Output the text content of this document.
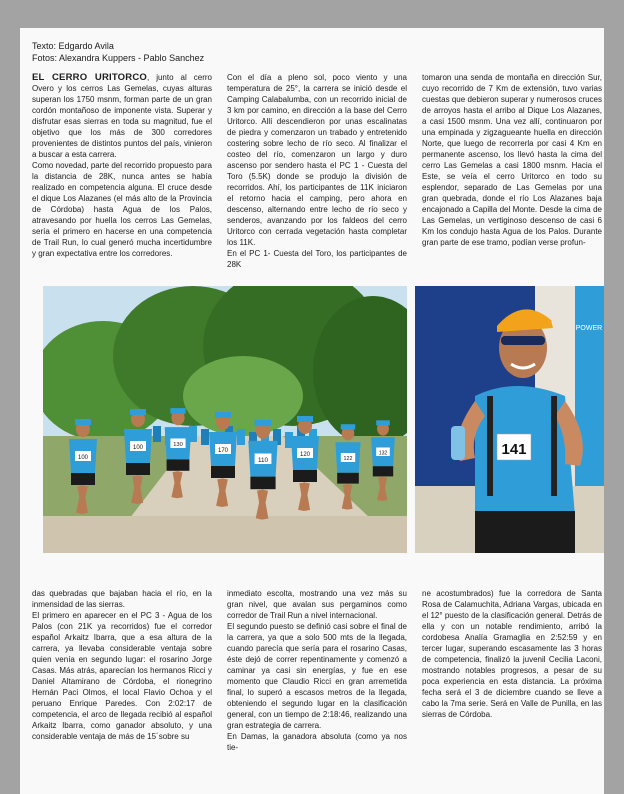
Texto: Edgardo Avila
Fotos: Alexandra Kuppers - Pablo Sanchez

EL CERRO URITORCO, junto al cerro Overo y los cerros Las Gemelas, cuyas alturas superan los 1750 msnm, forman parte de un gran cordón montañoso de imponente vista. Superar y disfrutar esas sierras en toda su magnitud, fue el objetivo que los más de 300 corredores provenientes de distintos puntos del país, vinieron a buscar a esta carrera.

Como novedad, parte del recorrido propuesto para la distancia de 28K, nunca antes se había realizado en competencia alguna. El cruce desde el dique Los Alazanes (el más alto de la Provincia de Córdoba) hasta Agua de los Palos, atravesando por huella los cerros Las Gemelas, sería el primero en hacerse en una competencia de Trail Run, lo cual generó mucha incertidumbre y gran expectativa entre los corredores.

Con el día a pleno sol, poco viento y una temperatura de 25°, la carrera se inició desde el Camping Calabalumba, con un recorrido inicial de 3 km por camino, en dirección a la base del Cerro Uritorco. Allí descendieron por unas escalinatas de piedra y comenzaron un trabado y entretenido costering sobre lecho de río seco. Al finalizar el costeo del río, comenzaron un largo y duro ascenso por sendero hasta el PC 1 - Cuesta del Toro (5.5K) donde se produjo la división de recorridos. Ahí, los participantes de 11K iniciaron el retorno hacia el camping, pero ahora en descenso, alternando entre lecho de río seco y senderos, avanzando por los faldeos del cerro Uritorco con cerrada vegetación hasta completar los 11K.

En el PC 1- Cuesta del Toro, los participantes de 28K

tomaron una senda de montaña en dirección Sur, cuyo recorrido de 7 Km de extensión, tuvo varias cuestas que debieron superar y numerosos cruces de arroyos hasta el arribo al Dique Los Alazanes, a casi 1500 msnm. Una vez allí, continuaron por una empinada y zigzagueante huella en dirección Norte, que luego de recorrerla por casi 4 Km en permanente ascenso, los llevó hasta la cima del cerro Las Gemelas a casi 1800 msnm. Hacia el Este, se veía el cerro Uritorco en todo su esplendor, separado de Las Gemelas por una gran quebrada, donde el río Los Alazanes baja encajonado a Capilla del Monte. Desde la cima de Las Gemelas, un vertiginoso descenso de casi 6 Km los condujo hasta Agua de los Palos. Durante gran parte de ese tramo, podían verse profun-

100
100	130
170
110
120
122
132
POWER
141

das quebradas que bajaban hacia el río, en la inmensidad de las sierras.

El primero en aparecer en el PC 3 - Agua de los Palos (con 21K ya recorridos) fue el corredor español Arkaitz Ibarra, que a esa altura de la carrera, ya llevaba considerable ventaja sobre quien venía en segundo lugar: el rosarino Jorge Casas. Más atrás, aparecían los hermanos Ricci y Daniel Altamirano de Córdoba, el rionegrino Hernán Paci Olmos, el local Flavio Ochoa y el peruano Enrique Paredes. Con 2:02:17 de competencia, el arco de llegada recibió al español Arkaitz Ibarra, como ganador absoluto, y una considerable ventaja de más de 15´sobre su

inmediato escolta, mostrando una vez más su gran nivel, que avalan sus pergaminos como corredor de Trail Run a nivel internacional.

El segundo puesto se definió casi sobre el final de la carrera, ya que a solo 500 mts de la llegada, cuando parecía que sería para el rosarino Casas, éste dejó de correr repentinamente y comenzó a caminar ya casi sin energías, y fue en ese momento que Claudio Ricci en gran arremetida final, lo superó a escasos metros de la llegada, obteniendo el segundo lugar en la clasificación general, con un tiempo de 2:18:46, realizando una gran estrategia de carrera.

En Damas, la ganadora absoluta (como ya nos tie-

ne acostumbrados) fue la corredora de Santa Rosa de Calamuchita, Adriana Vargas, ubicada en el 12° puesto de la clasificación general. Detrás de ella y con un notable rendimiento, arribó la cordobesa Analía Gramaglia en 2:52:59 y en tercer lugar, superando escasamente las 3 horas de competencia, finalizó la juvenil Cecilia Laconi, mostrando notables progresos, a pesar de su poca experiencia en esta distancia. La próxima fecha será el 3 de diciembre cuando se lleve a cabo la 7ma serie. Será en Valle de Punilla, en las sierras de Córdoba.
